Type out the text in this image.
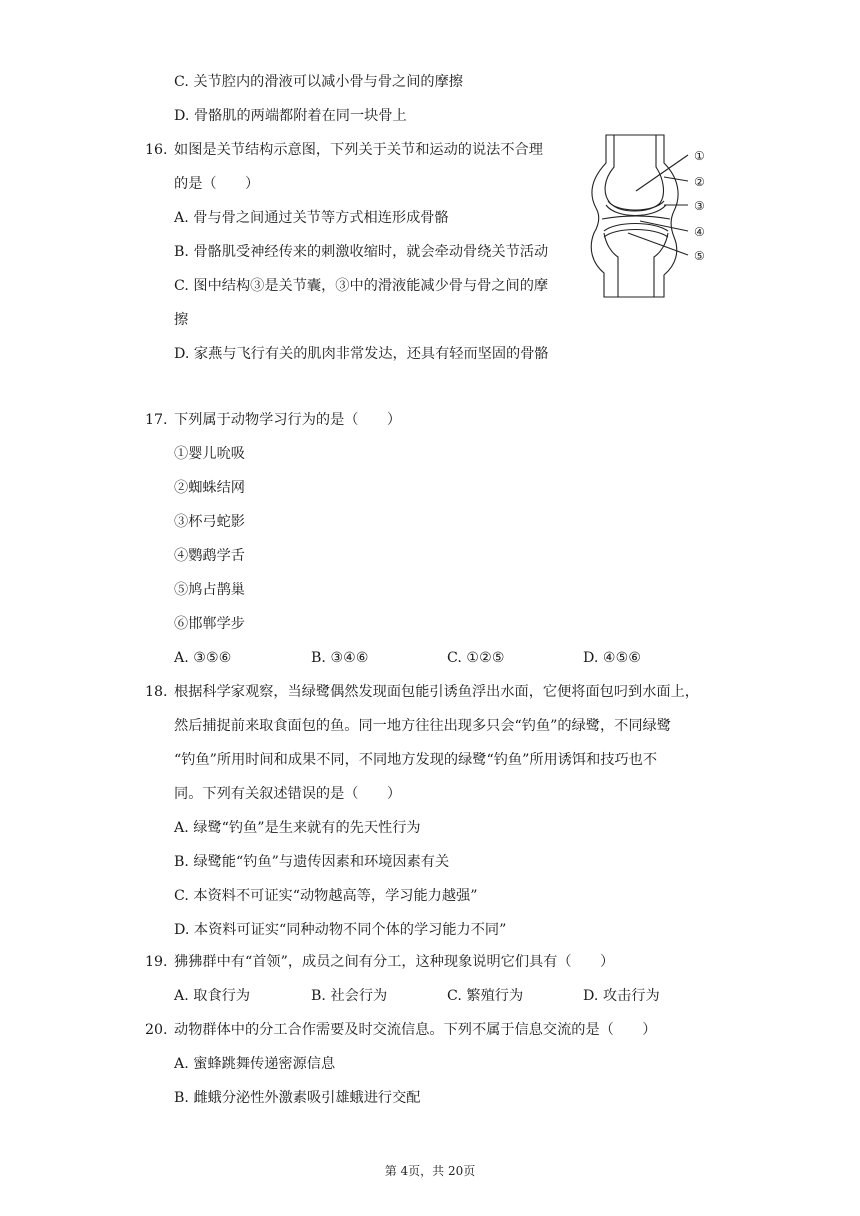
C. 关节腔内的滑液可以减小骨与骨之间的摩擦
D. 骨骼肌的两端都附着在同一块骨上
16. 如图是关节结构示意图，下列关于关节和运动的说法不合理
的是（　　）
A. 骨与骨之间通过关节等方式相连形成骨骼
B. 骨骼肌受神经传来的刺激收缩时，就会牵动骨绕关节活动
C. 图中结构③是关节囊，③中的滑液能减少骨与骨之间的摩
擦
D. 家燕与飞行有关的肌肉非常发达，还具有轻而坚固的骨骼
①
②
③
④
⑤
17. 下列属于动物学习行为的是（　　）
①婴儿吮吸
②蜘蛛结网
③杯弓蛇影
④鹦鹉学舌
⑤鸠占鹊巢
⑥邯郸学步
A. ③⑤⑥	B. ③④⑥	C. ①②⑤	D. ④⑤⑥
18. 根据科学家观察，当绿鹭偶然发现面包能引诱鱼浮出水面，它便将面包叼到水面上，
然后捕捉前来取食面包的鱼。同一地方往往出现多只会“钓鱼”的绿鹭，不同绿鹭
“钓鱼”所用时间和成果不同，不同地方发现的绿鹭“钓鱼”所用诱饵和技巧也不
同。下列有关叙述错误的是（　　）
A. 绿鹭“钓鱼”是生来就有的先天性行为
B. 绿鹭能“钓鱼”与遗传因素和环境因素有关
C. 本资料不可证实“动物越高等，学习能力越强”
D. 本资料可证实“同种动物不同个体的学习能力不同”
19. 狒狒群中有“首领”，成员之间有分工，这种现象说明它们具有（　　）
A. 取食行为	B. 社会行为	C. 繁殖行为	D. 攻击行为
20. 动物群体中的分工合作需要及时交流信息。下列不属于信息交流的是（　　）
A. 蜜蜂跳舞传递密源信息
B. 雌蛾分泌性外激素吸引雄蛾进行交配
第 4页，共 20页
